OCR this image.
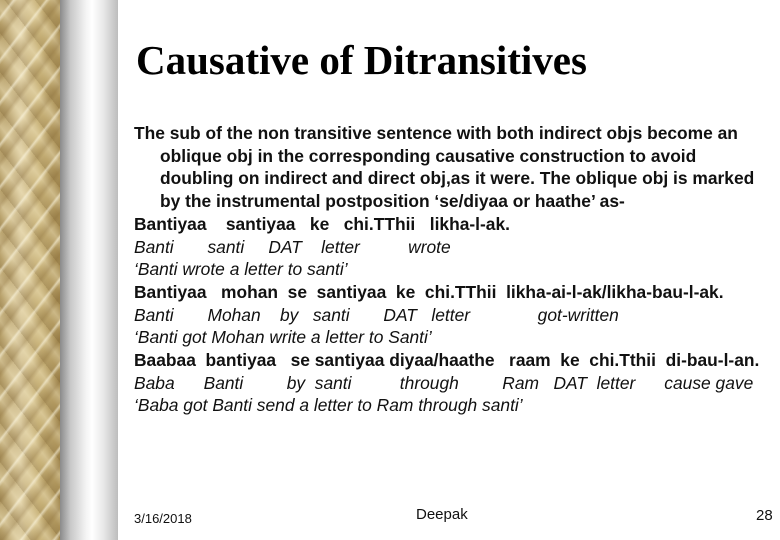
Causative of Ditransitives

The sub of the non transitive sentence with both indirect objs become an oblique obj in the corresponding causative construction to avoid doubling on indirect and direct obj,as it were. The oblique obj is marked by the instrumental postposition ‘se/diyaa or haathe’ as-

Bantiyaa    santiyaa   ke   chi.TThii   likha-l-ak.

Banti       santi     DAT    letter          wrote

‘Banti wrote a letter to santi’

Bantiyaa   mohan  se  santiyaa  ke  chi.TThii  likha-ai-l-ak/likha-bau-l-ak.

Banti       Mohan    by   santi       DAT   letter              got-written

‘Banti got Mohan write a letter to Santi’

Baabaa  bantiyaa   se santiyaa diyaa/haathe   raam  ke  chi.Tthii  di-bau-l-an.

Baba      Banti         by  santi          through         Ram   DAT  letter      cause gave

‘Baba got Banti send a letter to Ram through santi’

3/16/2018	Deepak	28
